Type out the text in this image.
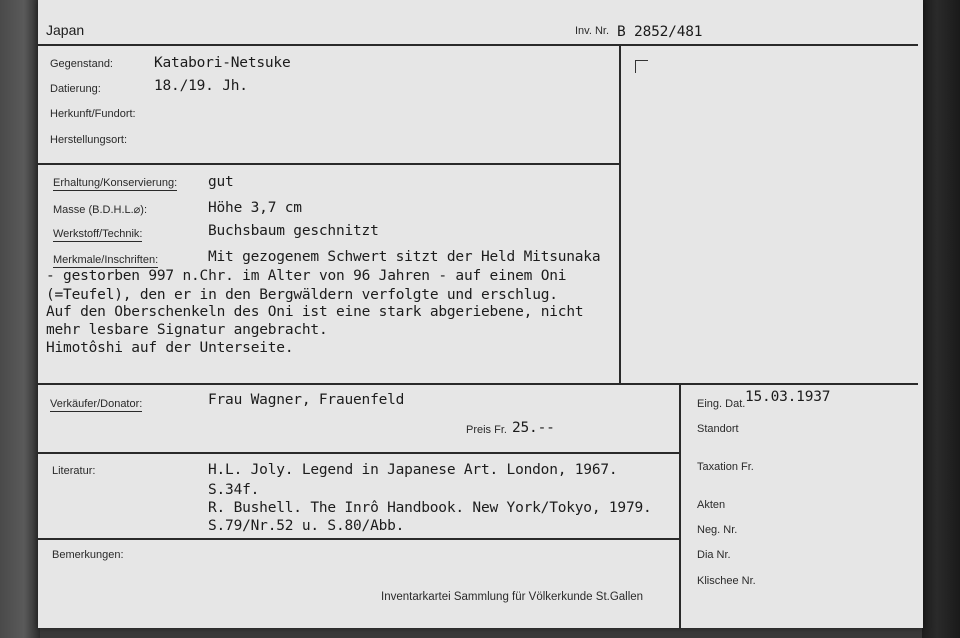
Japan	Inv. Nr. B 2852/481
Gegenstand:	Katabori-Netsuke
Datierung:	18./19. Jh.
Herkunft/Fundort:
Herstellungsort:
Erhaltung/Konservierung: gut
Masse (B.D.H.L.⌀):	Höhe 3,7 cm
Werkstoff/Technik:	Buchsbaum geschnitzt
Merkmale/Inschriften:	Mit gezogenem Schwert sitzt der Held Mitsunaka
- gestorben 997 n.Chr. im Alter von 96 Jahren - auf einem Oni
(=Teufel), den er in den Bergwäldern verfolgte und erschlug.
Auf den Oberschenkeln des Oni ist eine stark abgeriebene, nicht
mehr lesbare Signatur angebracht.
Himotôshi auf der Unterseite.
Verkäufer/Donator:	Frau Wagner, Frauenfeld
Preis Fr. 25.--
Literatur:	H.L. Joly. Legend in Japanese Art. London, 1967.
S.34f.
R. Bushell. The Inrô Handbook. New York/Tokyo, 1979.
S.79/Nr.52 u. S.80/Abb.
Bemerkungen:
Eing. Dat. 15.03.1937
Standort
Taxation Fr.
Akten
Neg. Nr.
Dia Nr.
Klischee Nr.
Inventarkartei Sammlung für Völkerkunde St.Gallen
